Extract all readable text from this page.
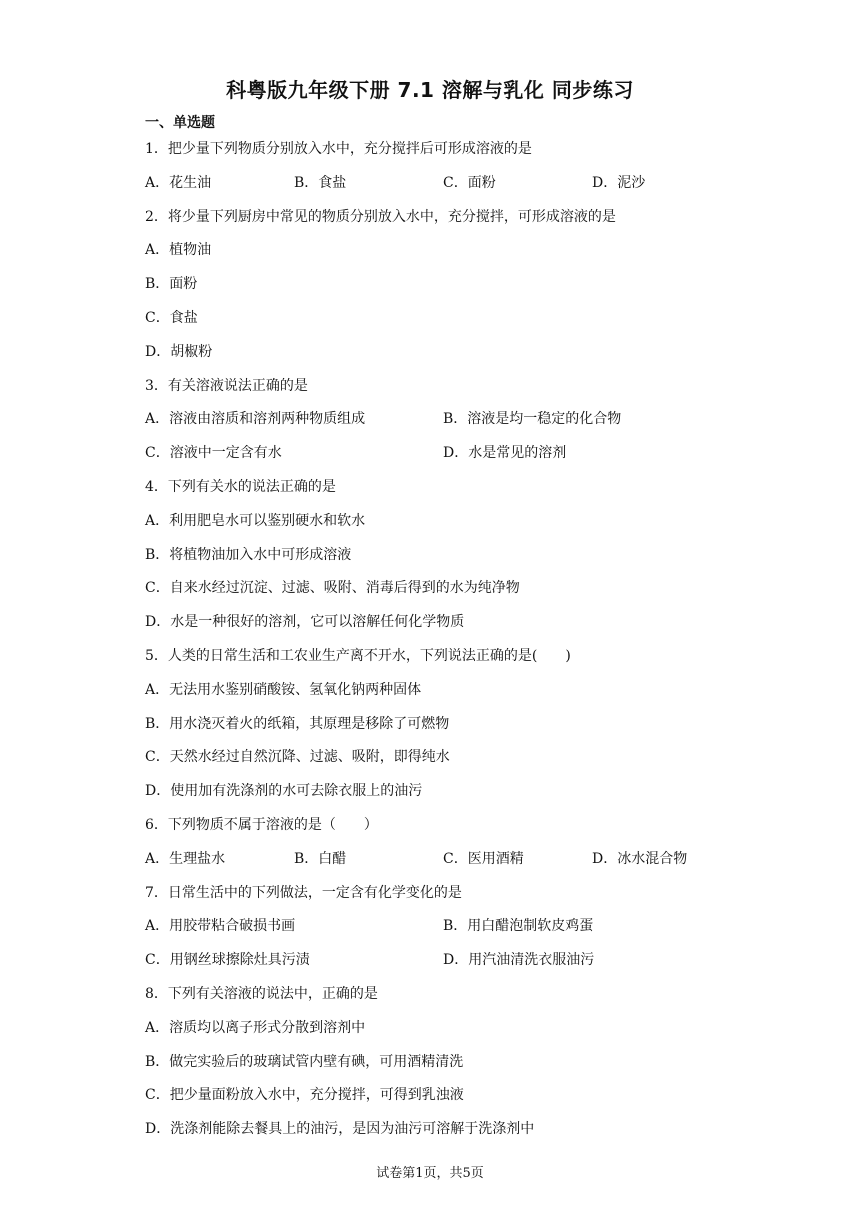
科粤版九年级下册 7.1 溶解与乳化 同步练习
一、单选题
1．把少量下列物质分别放入水中，充分搅拌后可形成溶液的是
A．花生油	B．食盐	C．面粉	D．泥沙
2．将少量下列厨房中常见的物质分别放入水中，充分搅拌，可形成溶液的是
A．植物油
B．面粉
C．食盐
D．胡椒粉
3．有关溶液说法正确的是
A．溶液由溶质和溶剂两种物质组成	B．溶液是均一稳定的化合物
C．溶液中一定含有水	D．水是常见的溶剂
4．下列有关水的说法正确的是
A．利用肥皂水可以鉴别硬水和软水
B．将植物油加入水中可形成溶液
C．自来水经过沉淀、过滤、吸附、消毒后得到的水为纯净物
D．水是一种很好的溶剂，它可以溶解任何化学物质
5．人类的日常生活和工农业生产离不开水，下列说法正确的是(　　)
A．无法用水鉴别硝酸铵、氢氧化钠两种固体
B．用水浇灭着火的纸箱，其原理是移除了可燃物
C．天然水经过自然沉降、过滤、吸附，即得纯水
D．使用加有洗涤剂的水可去除衣服上的油污
6．下列物质不属于溶液的是（　　）
A．生理盐水	B．白醋	C．医用酒精	D．冰水混合物
7．日常生活中的下列做法，一定含有化学变化的是
A．用胶带粘合破损书画	B．用白醋泡制软皮鸡蛋
C．用钢丝球擦除灶具污渍	D．用汽油清洗衣服油污
8．下列有关溶液的说法中，正确的是
A．溶质均以离子形式分散到溶剂中
B．做完实验后的玻璃试管内壁有碘，可用酒精清洗
C．把少量面粉放入水中，充分搅拌，可得到乳浊液
D．洗涤剂能除去餐具上的油污，是因为油污可溶解于洗涤剂中
试卷第1页，共5页
